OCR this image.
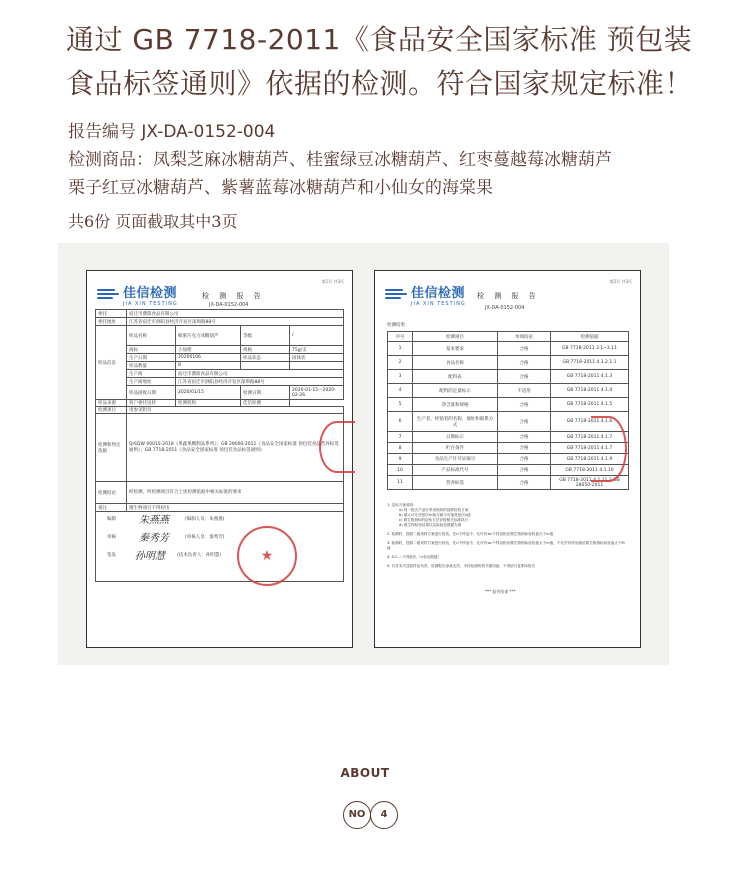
通过 GB 7718-2011《食品安全国家标准 预包装
食品标签通则》依据的检测。符合国家规定标准！
报告编号 JX-DA-0152-004
检测商品：凤梨芝麻冰糖葫芦、桂蜜绿豆冰糖葫芦、红枣蔓越莓冰糖葫芦
栗子红豆冰糖葫芦、紫薯蓝莓冰糖葫芦和小仙女的海棠果
共6份 页面截取其中3页
第1页 共3页
佳信检测
JIA XIN TESTING
检 测 报 告
JX-DA-0152-004
委托	宿迁市濮阳食品有限公司			
委托地址	江苏省宿迁市泗阳县经济开发区深圳路88号			
样品信息	样品名称	蜂蜜巧克力冰糖葫芦	等级	/
	商标	小仙理	规格	75g/支
	生产日期	20200106	样品状态	固体状
	样品数量	8		
	生产商	宿迁市濮阳食品有限公司		
	生产商地址	江苏省宿迁市泗阳县经济开发区深圳路88号		
	样品接收日期	2020/01/15	检测日期	2020-01-15～2020-02-26
样品来源	客户委托送样	检测机构	佳信检测	
检测项目	请参见附页			
检测和判定依据	Q/SQW 0001S-2018《果蔬果糖制品系列》；GB 29000-2011《食品安全国家标准 预包装食品营养标签通则》；GB 7718-2011《食品安全国家标准 预包装食品标签通则》			
检测结论	经检测，所检测项目符合上述检测依据中相关标准的要求			
备注	微生物项目不得检出			

编制	(编制人员：朱燕燕)
审核	(审核人员：秦秀芳)
签发	(技术负责人：孙明慧)
朱燕燕
秦秀芳
孙明慧	★
第2页 共3页
佳信检测
JIA XIN TESTING
检 测 报 告
JX-DA-0152-004
检测结果：
序号	检测项目	单项结论	检测依据
1	基本要求	合格	GB 7718-2011 3.1~3.11
2	食品名称	合格	GB 7718-2011 4.1.2.1.1
3	配料表	合格	GB 7718-2011 4.1.3
4	配料的定量标示	不适用	GB 7718-2011 4.1.4
5	净含量和规格	合格	GB 7718-2011 4.1.5
6	生产者、经销者的名称、地址和联系方式	合格	GB 7718-2011 4.1.6
7	日期标示	合格	GB 7718-2011 4.1.7
8	贮存条件	合格	GB 7718-2011 4.1.7
9	食品生产许可证编号	合格	GB 7718-2011 4.1.9
10	产品标准代号	合格	GB 7718-2011 4.1.10
11	营养标签	合格	GB 7718-2011 4.1.11.3 GB 28050-2011
1. 定标方案说明：
a) 同一批次产品应采用相同的抽样检验方案
b) 最大可允许批次m值与最小可接受批次n值
c) 微生物指标的检验方法应按相关标准执行
d) 微生物检验结果以实际检验数据为准
2. 检测时，按照二级采样方案进行检验，在n个样品中，允许有≤c个样品相应微生物指标检验值大于m值
3. 检测时，按照二级采样方案进行检验，在n个样品中，允许有≤c个样品相应微生物指标检验值大于m值，不允许有样品相应微生物指标检验值大于M值
4. S.C.＝不得检出（<检出限值）
5. 仅对本次送检样品负责，检测报告涂改无效，未经检测机构书面同意，不得部分复制本报告
*** 报告结束 ***
ABOUT
NO	4
